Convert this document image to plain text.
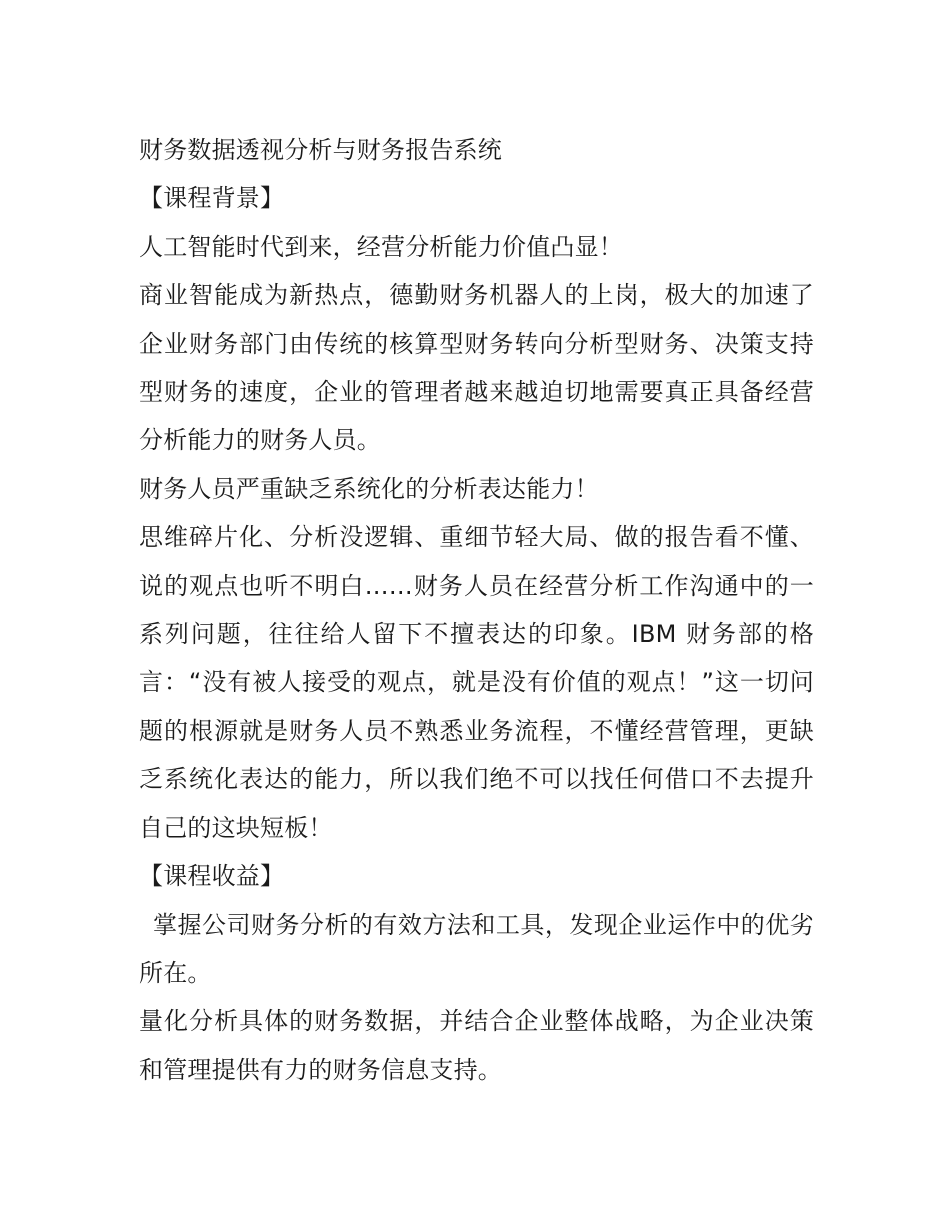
财务数据透视分析与财务报告系统

【课程背景】

人工智能时代到来，经营分析能力价值凸显！

商业智能成为新热点，德勤财务机器人的上岗，极大的加速了企业财务部门由传统的核算型财务转向分析型财务、决策支持型财务的速度，企业的管理者越来越迫切地需要真正具备经营分析能力的财务人员。

财务人员严重缺乏系统化的分析表达能力！

思维碎片化、分析没逻辑、重细节轻大局、做的报告看不懂、说的观点也听不明白……财务人员在经营分析工作沟通中的一系列问题，往往给人留下不擅表达的印象。IBM 财务部的格言：“没有被人接受的观点，就是没有价值的观点！”这一切问题的根源就是财务人员不熟悉业务流程，不懂经营管理，更缺乏系统化表达的能力，所以我们绝不可以找任何借口不去提升自己的这块短板！

【课程收益】

掌握公司财务分析的有效方法和工具，发现企业运作中的优劣所在。

量化分析具体的财务数据，并结合企业整体战略，为企业决策和管理提供有力的财务信息支持。
